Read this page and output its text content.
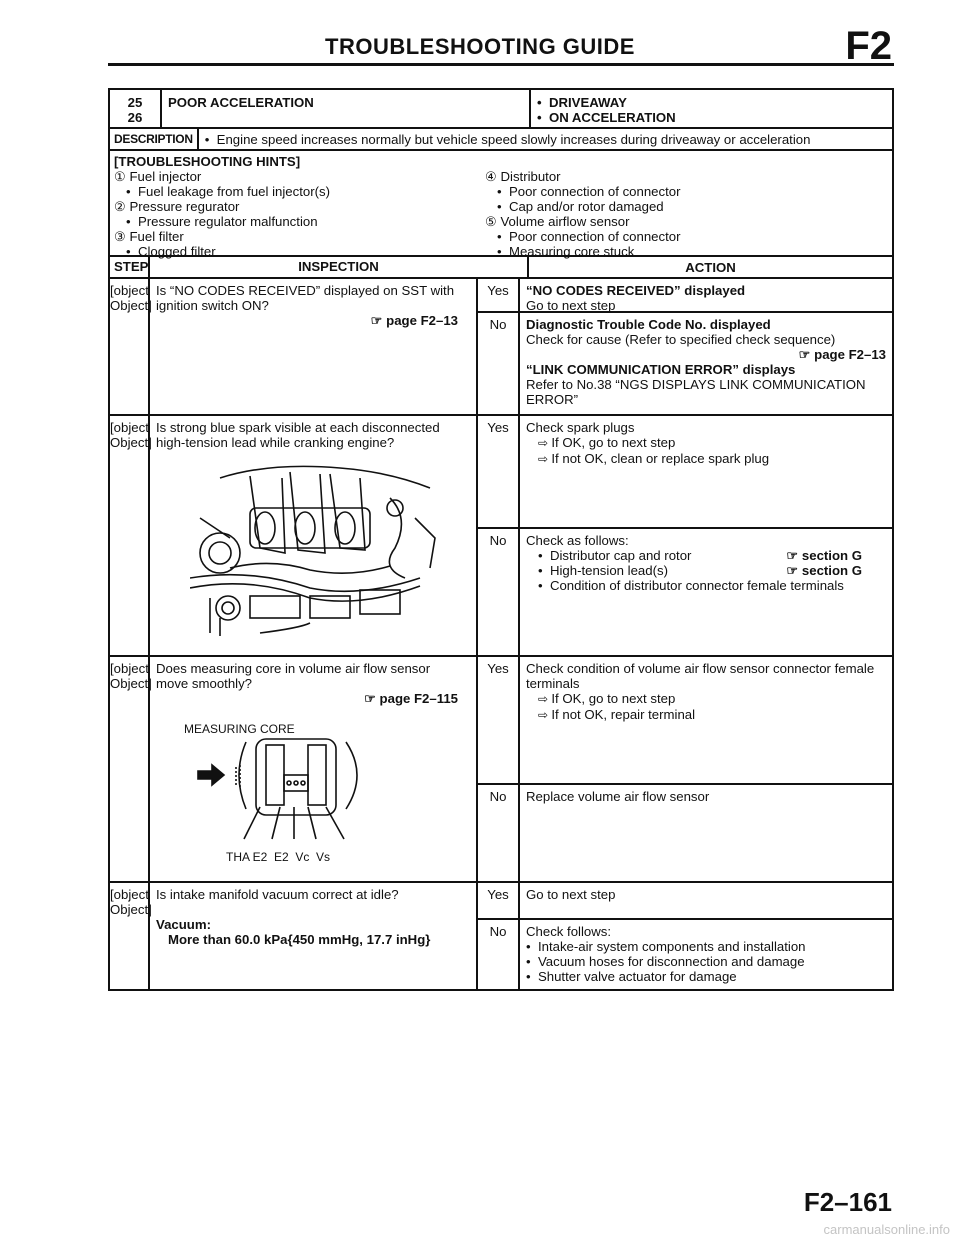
TROUBLESHOOTING GUIDE	F2
25
26
POOR ACCELERATION	•  DRIVEAWAY
•  ON ACCELERATION
DESCRIPTION	•  Engine speed increases normally but vehicle speed slowly increases during driveaway or acceleration
[TROUBLESHOOTING HINTS]
① Fuel injector
•  Fuel leakage from fuel injector(s)
② Pressure regurator
•  Pressure regulator malfunction
③ Fuel filter
•  Clogged filter

④ Distributor
•  Poor connection of connector
•  Cap and/or rotor damaged
⑤ Volume airflow sensor
•  Poor connection of connector
•  Measuring core stuck
STEP	INSPECTION	ACTION
[object Object]
Is “NO CODES RECEIVED” displayed on SST with
ignition switch ON?
☞ page F2–13
Yes	“NO CODES RECEIVED” displayed
Go to next step
No	Diagnostic Trouble Code No. displayed
Check for cause (Refer to specified check sequence)
☞ page F2–13
“LINK COMMUNICATION ERROR” displays
Refer to No.38 “NGS DISPLAYS LINK COMMUNICATION
ERROR”
[object Object]
Is strong blue spark visible at each disconnected
high-tension lead while cranking engine?
Yes	Check spark plugs
⇨ If OK, go to next step
⇨ If not OK, clean or replace spark plug
No	Check as follows:
•  Distributor cap and rotor	☞ section G
•  High-tension lead(s)	☞ section G
•  Condition of distributor connector female terminals
[object Object]
Does measuring core in volume air flow sensor
move smoothly?
☞ page F2–115
MEASURING CORE
THA E2  E2  Vc  Vs
Yes	Check condition of volume air flow sensor connector female
terminals
⇨ If OK, go to next step
⇨ If not OK, repair terminal
No	Replace volume air flow sensor
[object Object]
Is intake manifold vacuum correct at idle?
Vacuum:
More than 60.0 kPa{450 mmHg, 17.7 inHg}
Yes	Go to next step
No	Check follows:
•  Intake-air system components and installation
•  Vacuum hoses for disconnection and damage
•  Shutter valve actuator for damage
F2–161
carmanualsonline.info
